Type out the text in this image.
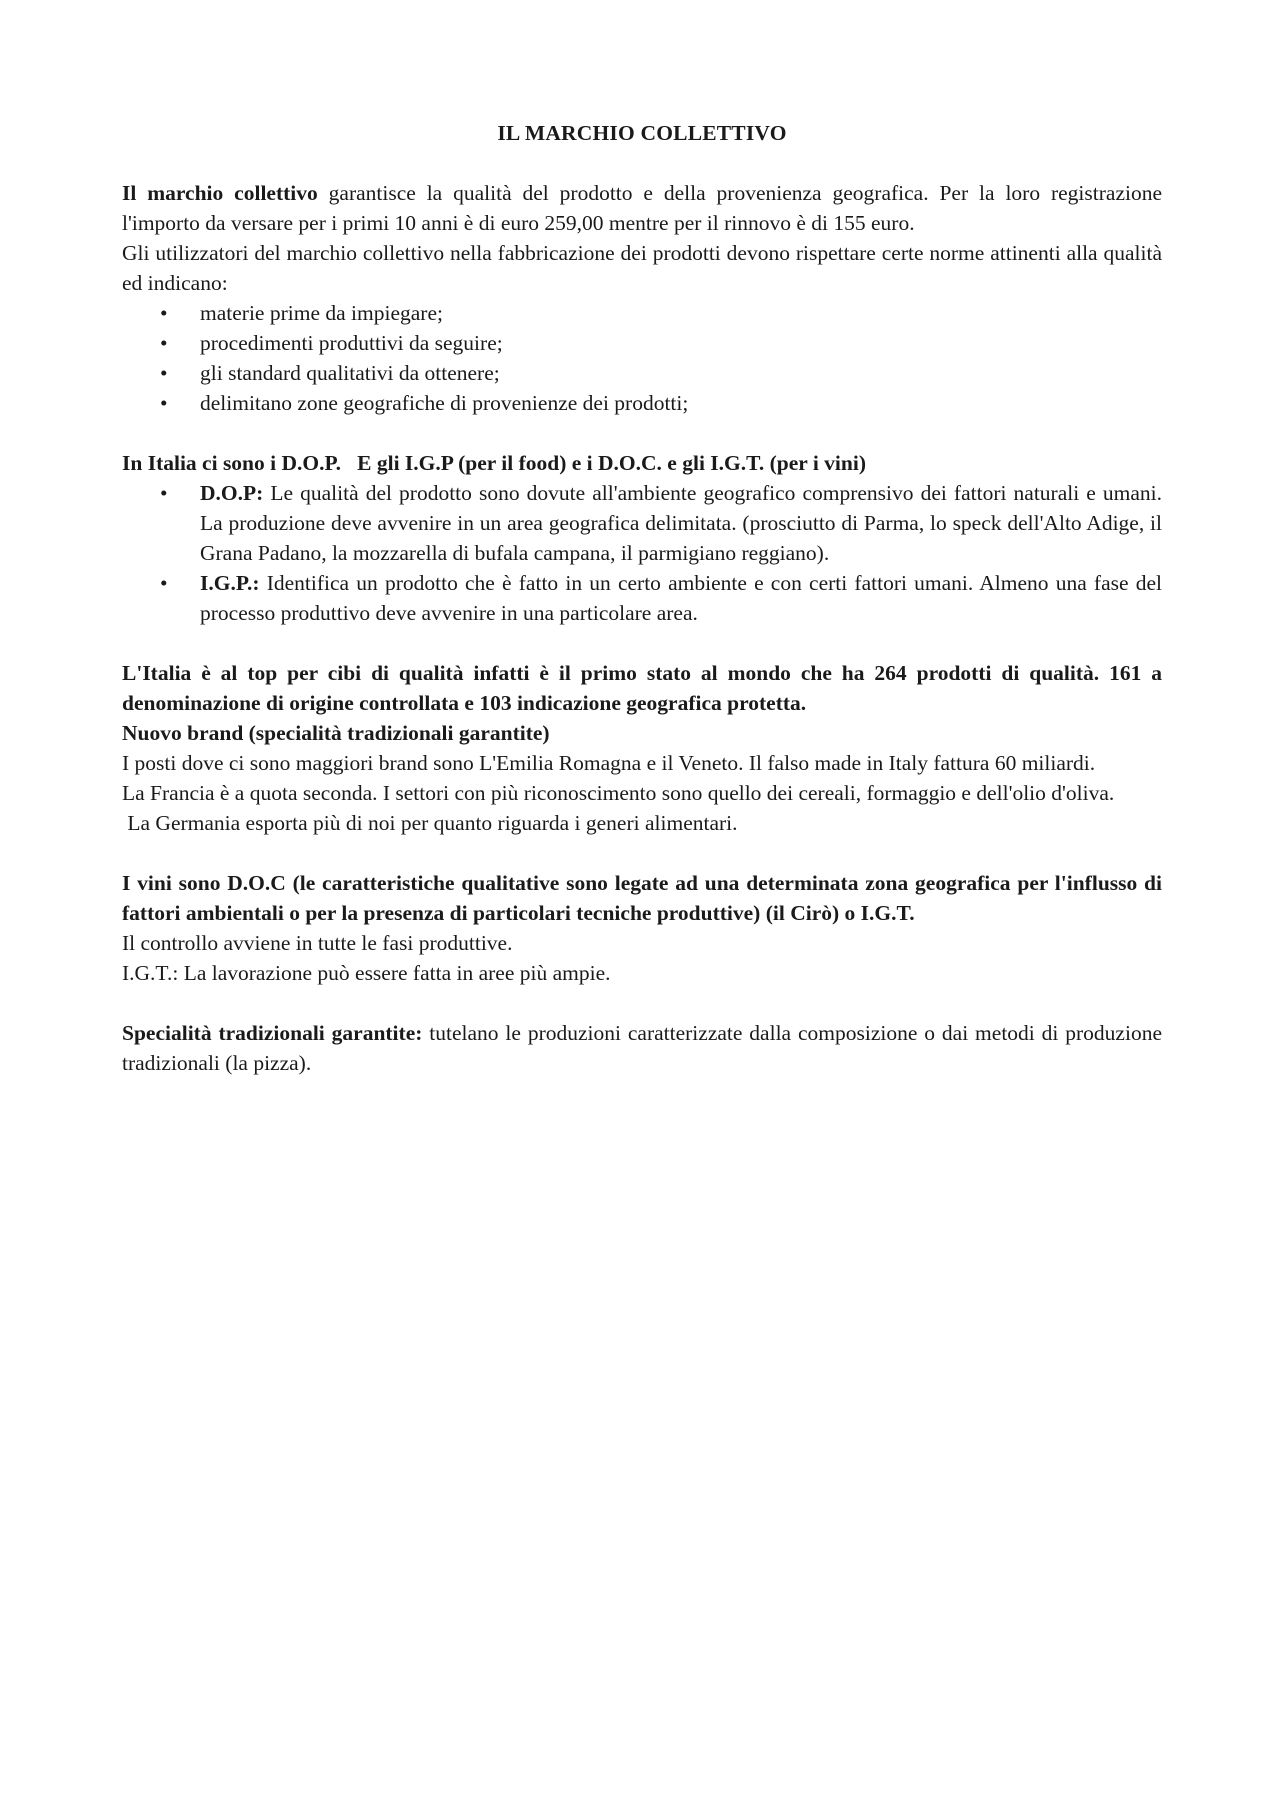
IL MARCHIO COLLETTIVO

Il marchio collettivo garantisce la qualità del prodotto e della provenienza geografica. Per la loro registrazione l'importo da versare per i primi 10 anni è di euro 259,00 mentre per il rinnovo è di 155 euro.

Gli utilizzatori del marchio collettivo nella fabbricazione dei prodotti devono rispettare certe norme attinenti alla qualità ed indicano:

• materie prime da impiegare;
• procedimenti produttivi da seguire;
• gli standard qualitativi da ottenere;
• delimitano zone geografiche di provenienze dei prodotti;

In Italia ci sono i D.O.P.   E gli I.G.P (per il food) e i D.O.C. e gli I.G.T. (per i vini)

• D.O.P: Le qualità del prodotto sono dovute all'ambiente geografico comprensivo dei fattori naturali e umani. La produzione deve avvenire in un area geografica delimitata. (prosciutto di Parma, lo speck dell'Alto Adige, il Grana Padano, la mozzarella di bufala campana, il parmigiano reggiano).
• I.G.P.: Identifica un prodotto che è fatto in un certo ambiente e con certi fattori umani. Almeno una fase del processo produttivo deve avvenire in una particolare area.

L'Italia è al top per cibi di qualità infatti è il primo stato al mondo che ha 264 prodotti di qualità. 161 a denominazione di origine controllata e 103 indicazione geografica protetta.

Nuovo brand (specialità tradizionali garantite)

I posti dove ci sono maggiori brand sono L'Emilia Romagna e il Veneto. Il falso made in Italy fattura 60 miliardi.

La Francia è a quota seconda. I settori con più riconoscimento sono quello dei cereali, formaggio e dell'olio d'oliva.

La Germania esporta più di noi per quanto riguarda i generi alimentari.

I vini sono D.O.C (le caratteristiche qualitative sono legate ad una determinata zona geografica per l'influsso di fattori ambientali o per la presenza di particolari tecniche produttive) (il Cirò) o I.G.T.

Il controllo avviene in tutte le fasi produttive.

I.G.T.: La lavorazione può essere fatta in aree più ampie.

Specialità tradizionali garantite: tutelano le produzioni caratterizzate dalla composizione o dai metodi di produzione tradizionali (la pizza).
